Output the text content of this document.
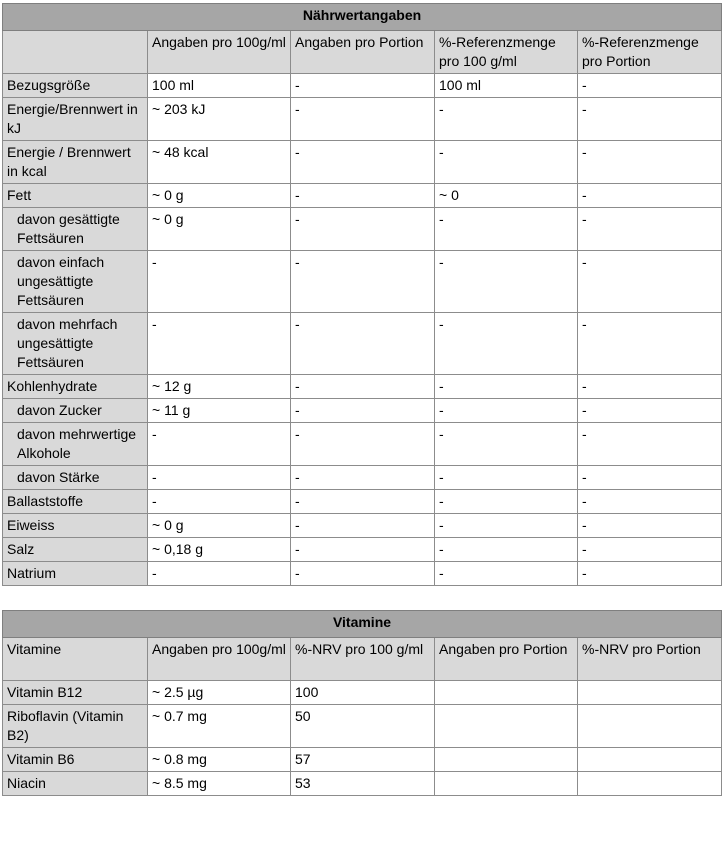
Nährwertangaben				
	Angaben pro 100g/ml	Angaben pro Portion	%-Referenzmenge pro 100 g/ml	%-Referenzmenge pro Portion
Bezugsgröße	100 ml	-	100 ml	-
Energie/Brennwert in kJ	~ 203 kJ	-	-	-
Energie / Brennwert in kcal	~ 48 kcal	-	-	-
Fett	~ 0 g	-	~ 0	-
davon gesättigte Fettsäuren	~ 0 g	-	-	-
davon einfach ungesättigte Fettsäuren	-	-	-	-
davon mehrfach ungesättigte Fettsäuren	-	-	-	-
Kohlenhydrate	~ 12 g	-	-	-
davon Zucker	~ 11 g	-	-	-
davon mehrwertige Alkohole	-	-	-	-
davon Stärke	-	-	-	-
Ballaststoffe	-	-	-	-
Eiweiss	~ 0 g	-	-	-
Salz	~ 0,18 g	-	-	-
Natrium	-	-	-	-
Vitamine				
Vitamine	Angaben pro 100g/ml	%-NRV pro 100 g/ml	Angaben pro Portion	%-NRV pro Portion
Vitamin B12	~ 2.5 µg	100		
Riboflavin (Vitamin B2)	~ 0.7 mg	50		
Vitamin B6	~ 0.8 mg	57		
Niacin	~ 8.5 mg	53		
